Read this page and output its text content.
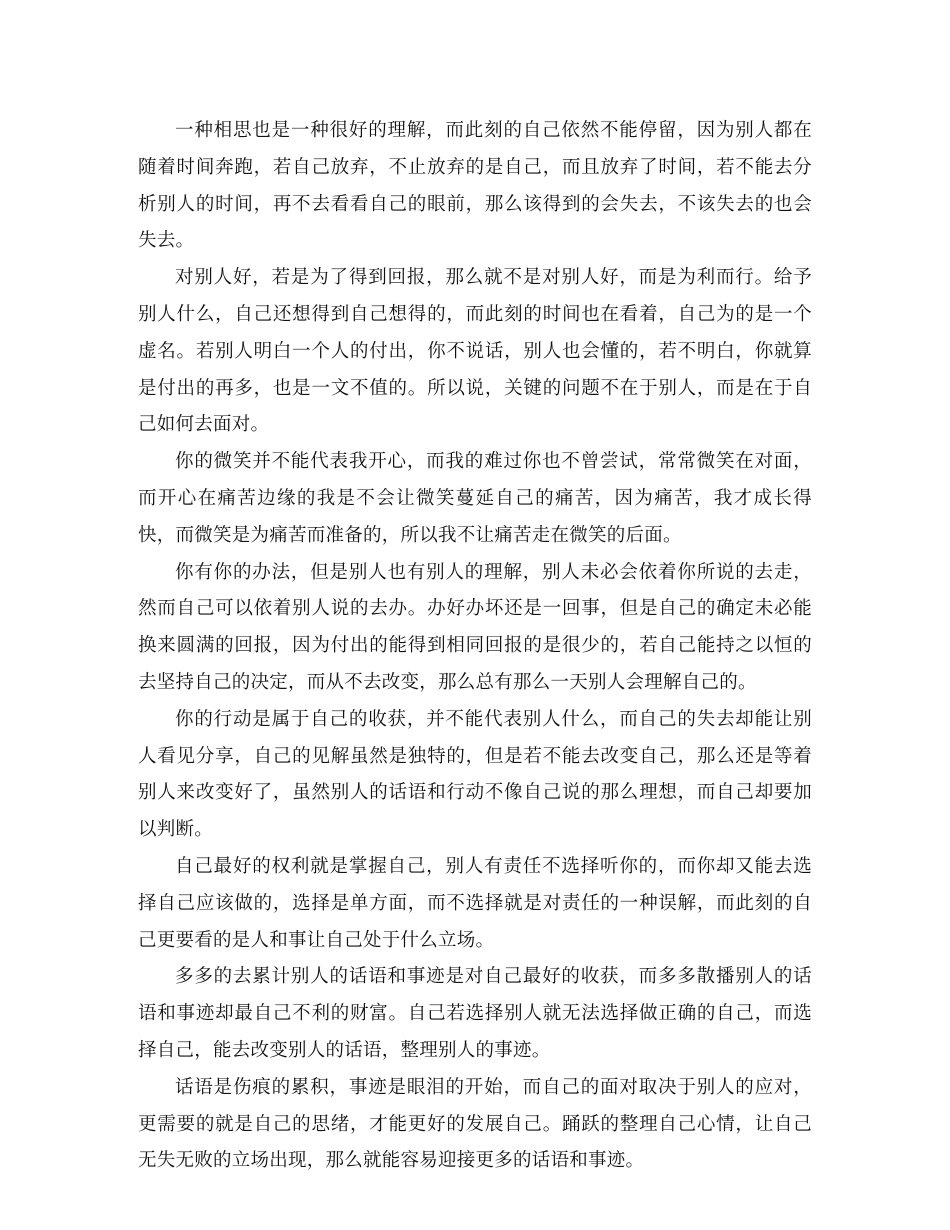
一种相思也是一种很好的理解，而此刻的自己依然不能停留，因为别人都在随着时间奔跑，若自己放弃，不止放弃的是自己，而且放弃了时间，若不能去分析别人的时间，再不去看看自己的眼前，那么该得到的会失去，不该失去的也会失去。

对别人好，若是为了得到回报，那么就不是对别人好，而是为利而行。给予别人什么，自己还想得到自己想得的，而此刻的时间也在看着，自己为的是一个虚名。若别人明白一个人的付出，你不说话，别人也会懂的，若不明白，你就算是付出的再多，也是一文不值的。所以说，关键的问题不在于别人，而是在于自己如何去面对。

你的微笑并不能代表我开心，而我的难过你也不曾尝试，常常微笑在对面，而开心在痛苦边缘的我是不会让微笑蔓延自己的痛苦，因为痛苦，我才成长得快，而微笑是为痛苦而准备的，所以我不让痛苦走在微笑的后面。

你有你的办法，但是别人也有别人的理解，别人未必会依着你所说的去走，然而自己可以依着别人说的去办。办好办坏还是一回事，但是自己的确定未必能换来圆满的回报，因为付出的能得到相同回报的是很少的，若自己能持之以恒的去坚持自己的决定，而从不去改变，那么总有那么一天别人会理解自己的。

你的行动是属于自己的收获，并不能代表别人什么，而自己的失去却能让别人看见分享，自己的见解虽然是独特的，但是若不能去改变自己，那么还是等着别人来改变好了，虽然别人的话语和行动不像自己说的那么理想，而自己却要加以判断。

自己最好的权利就是掌握自己，别人有责任不选择听你的，而你却又能去选择自己应该做的，选择是单方面，而不选择就是对责任的一种误解，而此刻的自己更要看的是人和事让自己处于什么立场。

多多的去累计别人的话语和事迹是对自己最好的收获，而多多散播别人的话语和事迹却最自己不利的财富。自己若选择别人就无法选择做正确的自己，而选择自己，能去改变别人的话语，整理别人的事迹。

话语是伤痕的累积，事迹是眼泪的开始，而自己的面对取决于别人的应对，更需要的就是自己的思绪，才能更好的发展自己。踊跃的整理自己心情，让自己无失无败的立场出现，那么就能容易迎接更多的话语和事迹。
